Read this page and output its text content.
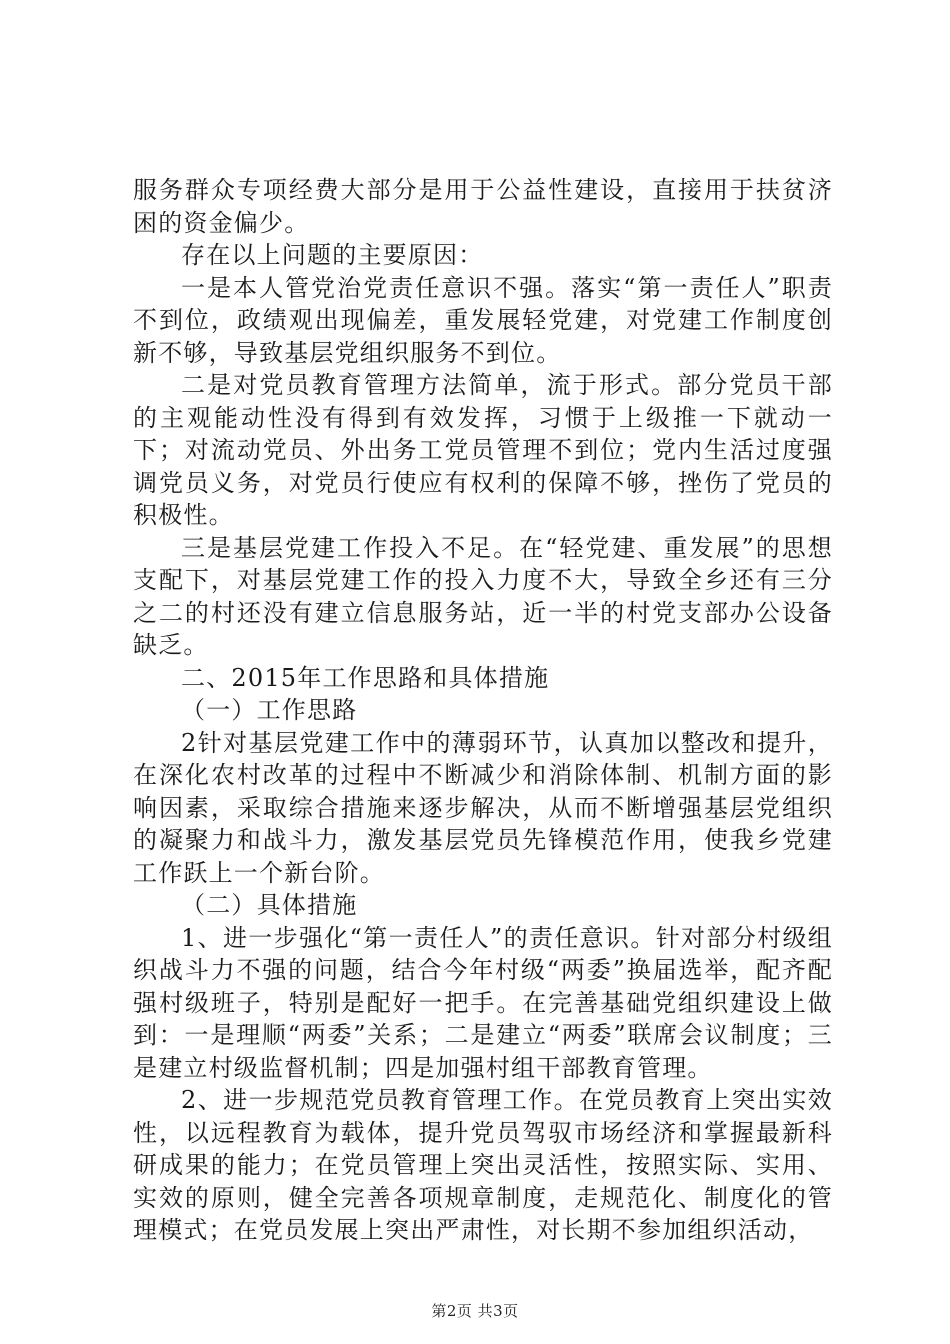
服务群众专项经费大部分是用于公益性建设，直接用于扶贫济困的资金偏少。

存在以上问题的主要原因：

一是本人管党治党责任意识不强。落实“第一责任人”职责不到位，政绩观出现偏差，重发展轻党建，对党建工作制度创新不够，导致基层党组织服务不到位。

二是对党员教育管理方法简单，流于形式。部分党员干部的主观能动性没有得到有效发挥，习惯于上级推一下就动一下；对流动党员、外出务工党员管理不到位；党内生活过度强调党员义务，对党员行使应有权利的保障不够，挫伤了党员的积极性。

三是基层党建工作投入不足。在“轻党建、重发展”的思想支配下，对基层党建工作的投入力度不大，导致全乡还有三分之二的村还没有建立信息服务站，近一半的村党支部办公设备缺乏。

二、2015年工作思路和具体措施

（一）工作思路

2针对基层党建工作中的薄弱环节，认真加以整改和提升，在深化农村改革的过程中不断减少和消除体制、机制方面的影响因素，采取综合措施来逐步解决，从而不断增强基层党组织的凝聚力和战斗力，激发基层党员先锋模范作用，使我乡党建工作跃上一个新台阶。

（二）具体措施

1、进一步强化“第一责任人”的责任意识。针对部分村级组织战斗力不强的问题，结合今年村级“两委”换届选举，配齐配强村级班子，特别是配好一把手。在完善基础党组织建设上做到：一是理顺“两委”关系；二是建立“两委”联席会议制度；三是建立村级监督机制；四是加强村组干部教育管理。

2、进一步规范党员教育管理工作。在党员教育上突出实效性，以远程教育为载体，提升党员驾驭市场经济和掌握最新科研成果的能力；在党员管理上突出灵活性，按照实际、实用、实效的原则，健全完善各项规章制度，走规范化、制度化的管理模式；在党员发展上突出严肃性，对长期不参加组织活动，

第2页 共3页
